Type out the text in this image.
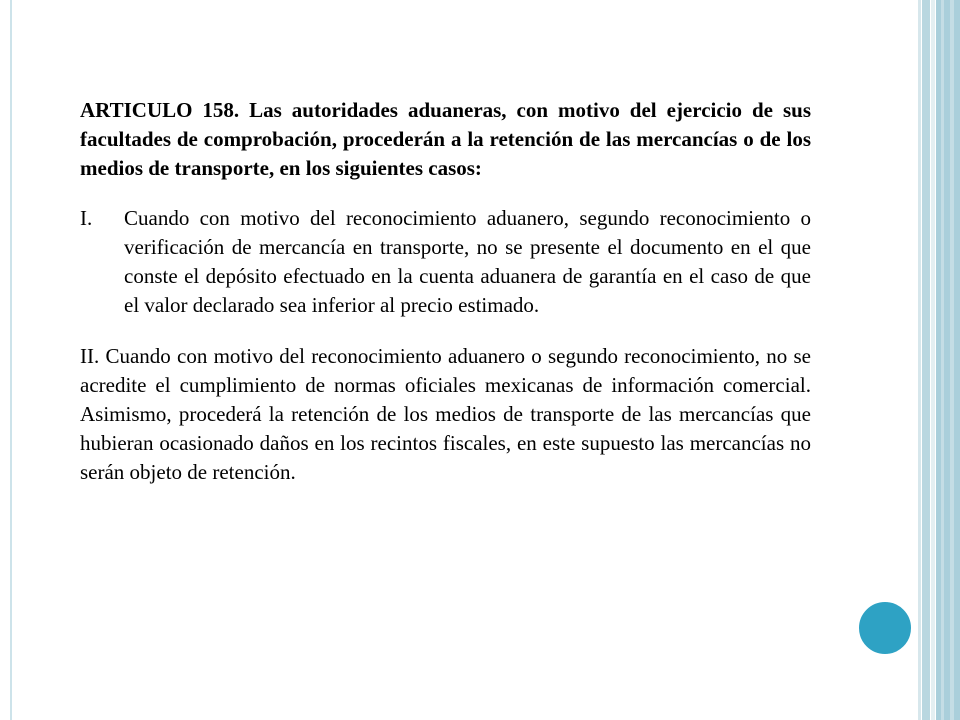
ARTICULO 158. Las autoridades aduaneras, con motivo del ejercicio de sus facultades de comprobación, procederán a la retención de las mercancías o de los medios de transporte, en los siguientes casos:

I.	Cuando con motivo del reconocimiento aduanero, segundo reconocimiento o verificación de mercancía en transporte, no se presente el documento en el que conste el depósito efectuado en la cuenta aduanera de garantía en el caso de que el valor declarado sea inferior al precio estimado.

II. Cuando con motivo del reconocimiento aduanero o segundo reconocimiento, no se acredite el cumplimiento de normas oficiales mexicanas de información comercial. Asimismo, procederá la retención de los medios de transporte de las mercancías que hubieran ocasionado daños en los recintos fiscales, en este supuesto las mercancías no serán objeto de retención.
